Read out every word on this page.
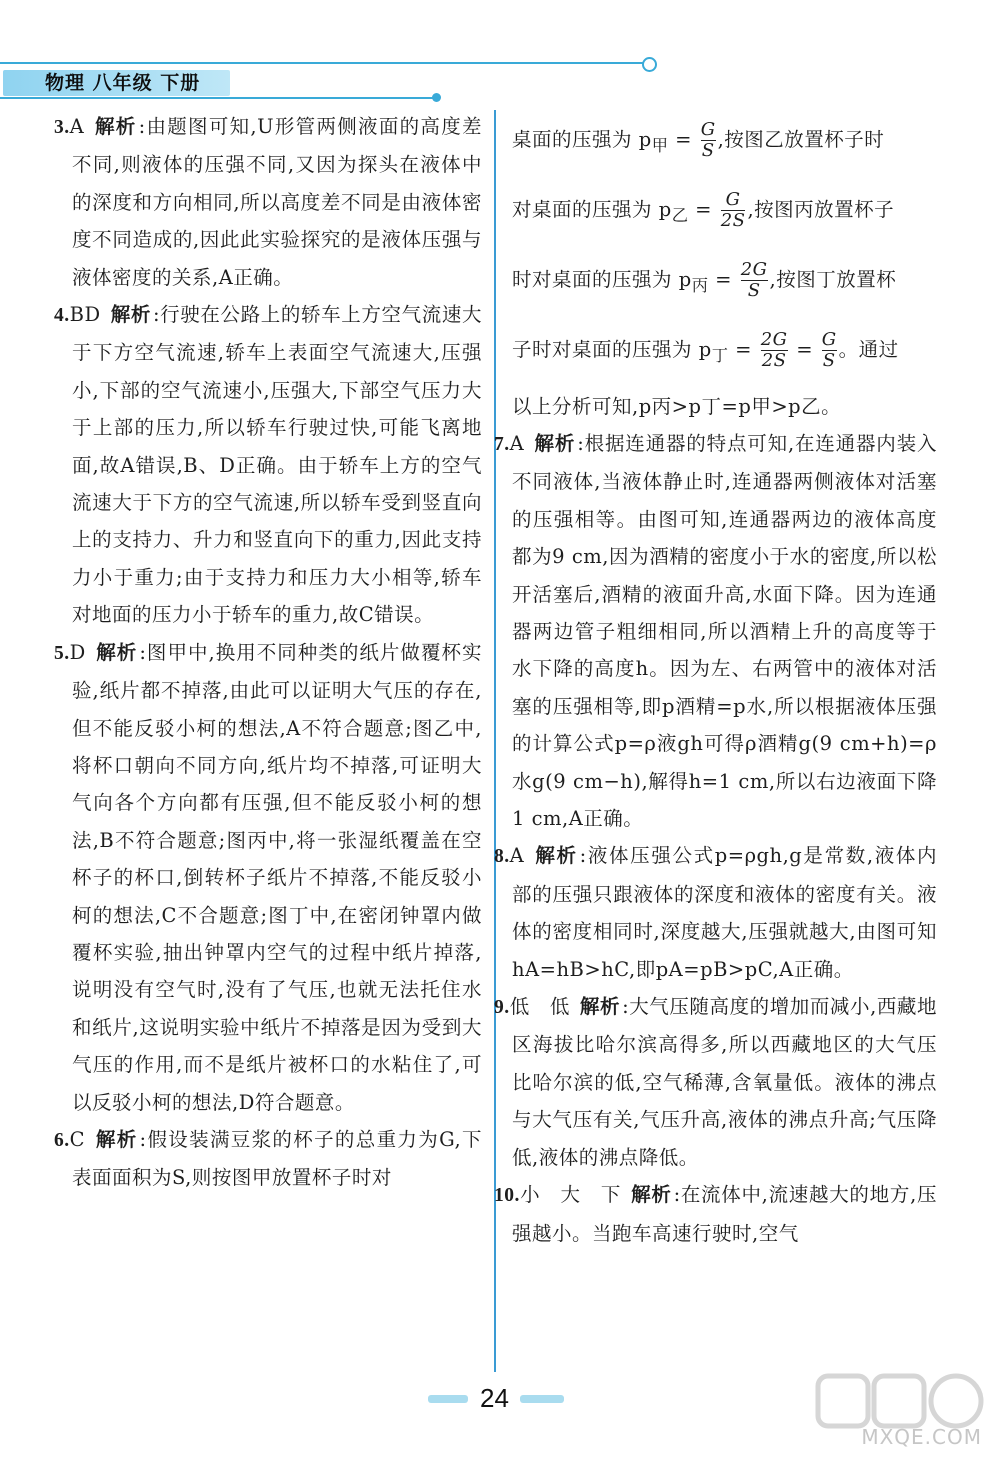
物理 八年级 下册

3.A 解析 :由题图可知,U形管两侧液面的高度差不同,则液体的压强不同,又因为探头在液体中的深度和方向相同,所以高度差不同是由液体密度不同造成的,因此此实验探究的是液体压强与液体密度的关系,A正确。

4.BD 解析 :行驶在公路上的轿车上方空气流速大于下方空气流速,轿车上表面空气流速大,压强小,下部的空气流速小,压强大,下部空气压力大于上部的压力,所以轿车行驶过快,可能飞离地面,故A错误,B、D正确。由于轿车上方的空气流速大于下方的空气流速,所以轿车受到竖直向上的支持力、升力和竖直向下的重力,因此支持力小于重力;由于支持力和压力大小相等,轿车对地面的压力小于轿车的重力,故C错误。

5.D 解析 :图甲中,换用不同种类的纸片做覆杯实验,纸片都不掉落,由此可以证明大气压的存在,但不能反驳小柯的想法,A不符合题意;图乙中,将杯口朝向不同方向,纸片均不掉落,可证明大气向各个方向都有压强,但不能反驳小柯的想法,B不符合题意;图丙中,将一张湿纸覆盖在空杯子的杯口,倒转杯子纸片不掉落,不能反驳小柯的想法,C不合题意;图丁中,在密闭钟罩内做覆杯实验,抽出钟罩内空气的过程中纸片掉落,说明没有空气时,没有了气压,也就无法托住水和纸片,这说明实验中纸片不掉落是因为受到大气压的作用,而不是纸片被杯口的水粘住了,可以反驳小柯的想法,D符合题意。

6.C 解析 :假设装满豆浆的杯子的总重力为G,下表面面积为S,则按图甲放置杯子时对

桌面的压强为 $p_甲 = \frac{G}{S}$ ,按图乙放置杯子时

对桌面的压强为 $p_乙 = \frac{G}{2S}$ ,按图丙放置杯子

时对桌面的压强为 $p_丙 = \frac{2G}{S}$ ,按图丁放置杯

子时对桌面的压强为 $p_丁 = \frac{2G}{2S} = \frac{G}{S}$ 。通过

以上分析可知,p丙>p丁=p甲>p乙。

7.A 解析 :根据连通器的特点可知,在连通器内装入不同液体,当液体静止时,连通器两侧液体对活塞的压强相等。由图可知,连通器两边的液体高度都为9 cm,因为酒精的密度小于水的密度,所以松开活塞后,酒精的液面升高,水面下降。因为连通器两边管子粗细相同,所以酒精上升的高度等于水下降的高度h。因为左、右两管中的液体对活塞的压强相等,即p酒精=p水,所以根据液体压强的计算公式p=ρ液gh可得ρ酒精g(9 cm+h)=ρ水g(9 cm−h),解得h=1 cm,所以右边液面下降1 cm,A正确。

8.A 解析 :液体压强公式p=ρgh,g是常数,液体内部的压强只跟液体的深度和液体的密度有关。液体的密度相同时,深度越大,压强就越大,由图可知hA=hB>hC,即pA=pB>pC,A正确。

9.低　低 解析 :大气压随高度的增加而减小,西藏地区海拔比哈尔滨高得多,所以西藏地区的大气压比哈尔滨的低,空气稀薄,含氧量低。液体的沸点与大气压有关,气压升高,液体的沸点升高;气压降低,液体的沸点降低。

10.小　大　下 解析 :在流体中,流速越大的地方,压强越小。当跑车高速行驶时,空气

24
MXQE.COM
